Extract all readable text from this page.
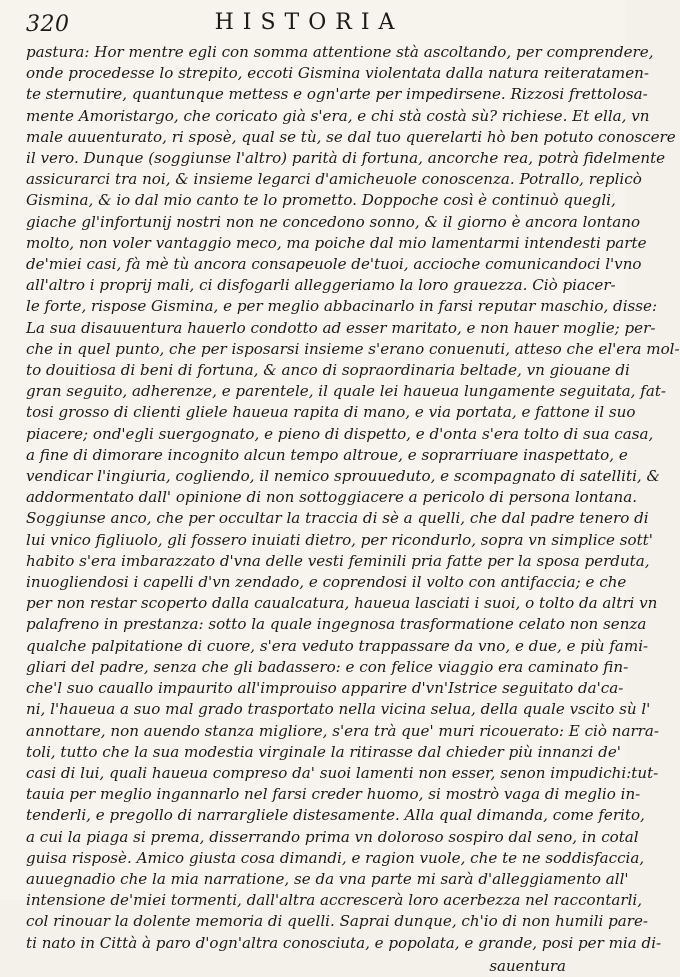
320	HISTORIA
pastura: Hor mentre egli con somma attentione stà ascoltando, per comprendere,
onde procedesse lo strepito, eccoti Gismina violentata dalla natura reiteratamen-
te sternutire, quantunque mettess e ogn'arte per impedirsene. Rizzosi frettolosa-
mente Amoristargo, che coricato già s'era, e chi stà costà sù? richiese. Et ella, vn
male auuenturato, ri sposè, qual se tù, se dal tuo querelarti hò ben potuto conoscere
il vero. Dunque (soggiunse l'altro) parità di fortuna, ancorche rea, potrà fidelmente
assicurarci tra noi, & insieme legarci d'amicheuole conoscenza. Potrallo, replicò
Gismina, & io dal mio canto te lo prometto. Doppoche così è continuò quegli,
giache gl'infortunij nostri non ne concedono sonno, & il giorno è ancora lontano
molto, non voler vantaggio meco, ma poiche dal mio lamentarmi intendesti parte
de'miei casi, fà mè tù ancora consapeuole de'tuoi, accioche comunicandoci l'vno
all'altro i proprij mali, ci disfogarli alleggeriamo la loro grauezza. Ciò piacer-
le forte, rispose Gismina, e per meglio abbacinarlo in farsi reputar maschio, disse:
La sua disauuentura hauerlo condotto ad esser maritato, e non hauer moglie; per-
che in quel punto, che per isposarsi insieme s'erano conuenuti, atteso che el'era mol-
to douitiosa di beni di fortuna, & anco di sopraordinaria beltade, vn giouane di
gran seguito, adherenze, e parentele, il quale lei haueua lungamente seguitata, fat-
tosi grosso di clienti gliele haueua rapita di mano, e via portata, e fattone il suo
piacere; ond'egli suergognato, e pieno di dispetto, e d'onta s'era tolto di sua casa,
a fine di dimorare incognito alcun tempo altroue, e soprarriuare inaspettato, e
vendicar l'ingiuria, cogliendo, il nemico sprouueduto, e scompagnato di satelliti, &
addormentato dall' opinione di non sottoggiacere a pericolo di persona lontana.
Soggiunse anco, che per occultar la traccia di sè a quelli, che dal padre tenero di
lui vnico figliuolo, gli fossero inuiati dietro, per ricondurlo, sopra vn simplice sott'
habito s'era imbarazzato d'vna delle vesti feminili pria fatte per la sposa perduta,
inuogliendosi i capelli d'vn zendado, e coprendosi il volto con antifaccia; e che
per non restar scoperto dalla caualcatura, haueua lasciati i suoi, o tolto da altri vn
palafreno in prestanza: sotto la quale ingegnosa trasformatione celato non senza
qualche palpitatione di cuore, s'era veduto trappassare da vno, e due, e più fami-
gliari del padre, senza che gli badassero: e con felice viaggio era caminato fin-
che'l suo cauallo impaurito all'improuiso apparire d'vn'Istrice seguitato da'ca-
ni, l'haueua a suo mal grado trasportato nella vicina selua, della quale vscito sù l'
annottare, non auendo stanza migliore, s'era trà que' muri ricouerato: E ciò narra-
toli, tutto che la sua modestia virginale la ritirasse dal chieder più innanzi de'
casi di lui, quali haueua compreso da' suoi lamenti non esser, senon impudichi:tut-
tauia per meglio ingannarlo nel farsi creder huomo, si mostrò vaga di meglio in-
tenderli, e pregollo di narrargliele distesamente. Alla qual dimanda, come ferito,
a cui la piaga si prema, disserrando prima vn doloroso sospiro dal seno, in cotal
guisa risposè. Amico giusta cosa dimandi, e ragion vuole, che te ne soddisfaccia,
auuegnadio che la mia narratione, se da vna parte mi sarà d'alleggiamento all'
intensione de'miei tormenti, dall'altra accrescerà loro acerbezza nel raccontarli,
col rinouar la dolente memoria di quelli. Saprai dunque, ch'io di non humili pare-
ti nato in Città à paro d'ogn'altra conosciuta, e popolata, e grande, posi per mia di-
sauentura
